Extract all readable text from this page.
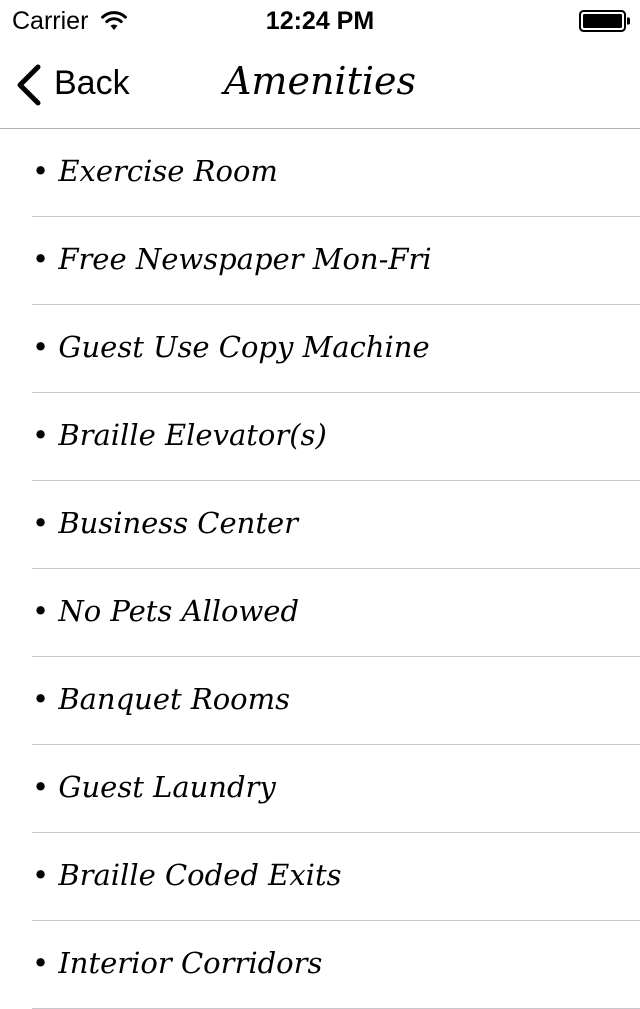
Carrier	12:24 PM
Back	Amenities
• Exercise Room
• Free Newspaper Mon-Fri
• Guest Use Copy Machine
• Braille Elevator(s)
• Business Center
• No Pets Allowed
• Banquet Rooms
• Guest Laundry
• Braille Coded Exits
• Interior Corridors
